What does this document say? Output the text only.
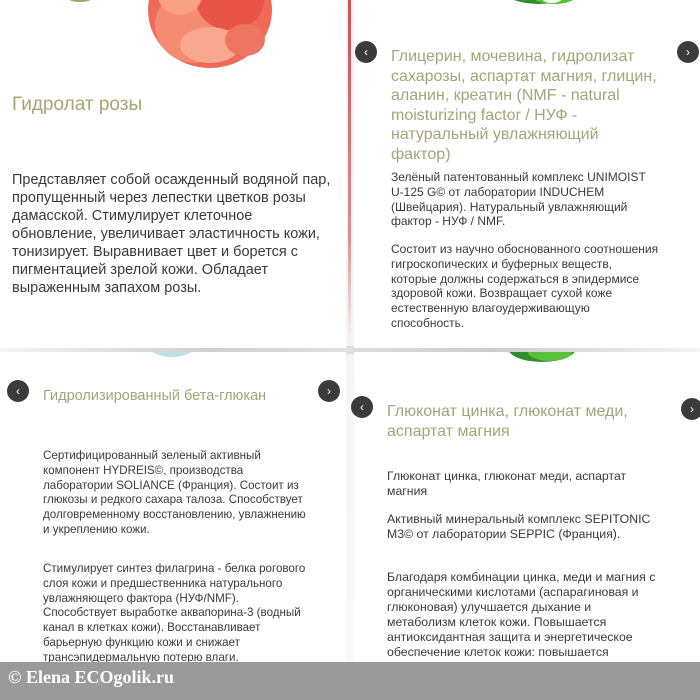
Гидролат розы

Представляет собой осажденный водяной пар, пропущенный через лепестки цветков розы дамасской. Стимулирует клеточное обновление, увеличивает эластичность кожи, тонизирует. Выравнивает цвет и борется с пигментацией зрелой кожи. Обладает выраженным запахом розы.

Глицерин, мочевина, гидролизат сахарозы, аспартат магния, глицин, аланин, креатин (NMF - natural moisturizing factor / НУФ - натуральный увлажняющий фактор)

Зелёный патентованный комплекс UNIMOIST U-125 G© от лаборатории INDUCHEM (Швейцария). Натуральный увлажняющий фактор - НУФ / NMF.

Состоит из научно обоснованного соотношения гигроскопических и буферных веществ, которые должны содержаться в эпидермисе здоровой кожи. Возвращает сухой коже естественную влагоудерживающую способность.

Гидролизированный бета-глюкан

Сертифицированный зеленый активный компонент HYDREIS©, производства лаборатории SOLIANCE (Франция). Состоит из глюкозы и редкого сахара талоза. Способствует долговременному восстановлению, увлажнению и укреплению кожи.

Стимулирует синтез филагрина - белка рогового слоя кожи и предшественника натурального увлажняющего фактора (НУФ/NMF). Способствует выработке аквапорина-3 (водный канал в клетках кожи). Восстанавливает барьерную функцию кожи и снижает трансэпидермальную потерю влаги.

Глюконат цинка, глюконат меди, аспартат магния

Глюконат цинка, глюконат меди, аспартат магния

Активный минеральный комплекс SEPITONIC M3© от лаборатории SEPPIC (Франция).

Благодаря комбинации цинка, меди и магния с органическими кислотами (аспарагиновая и глюконовая) улучшается дыхание и метаболизм клеток кожи. Повышается антиоксидантная защита и энергетическое обеспечение клеток кожи: повышается

‹	›
‹	›
‹	›
© Elena ECOgolik.ru
